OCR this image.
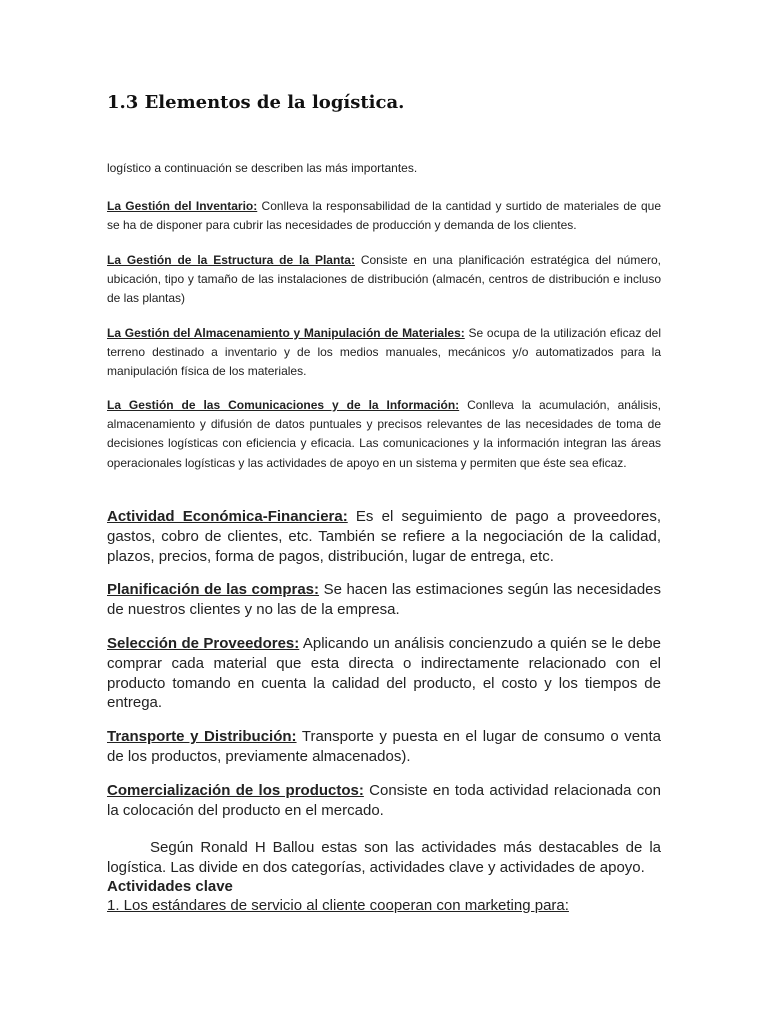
1.3 Elementos de la logística.

logístico a continuación se describen las más importantes.

La Gestión del Inventario: Conlleva la responsabilidad de la cantidad y surtido de materiales de que se ha de disponer para cubrir las necesidades de producción y demanda de los clientes.

La Gestión de la Estructura de la Planta: Consiste en una planificación estratégica del número, ubicación, tipo y tamaño de las instalaciones de distribución (almacén, centros de distribución e incluso de las plantas)

La Gestión del Almacenamiento y Manipulación de Materiales: Se ocupa de la utilización eficaz del terreno destinado a inventario y de los medios manuales, mecánicos y/o automatizados para la manipulación física de los materiales.

La Gestión de las Comunicaciones y de la Información: Conlleva la acumulación, análisis, almacenamiento y difusión de datos puntuales y precisos relevantes de las necesidades de toma de decisiones logísticas con eficiencia y eficacia. Las comunicaciones y la información integran las áreas operacionales logísticas y las actividades de apoyo en un sistema y permiten que éste sea eficaz.

Actividad Económica-Financiera: Es el seguimiento de pago a proveedores, gastos, cobro de clientes, etc. También se refiere a la negociación de la calidad, plazos, precios, forma de pagos, distribución, lugar de entrega, etc.

Planificación de las compras: Se hacen las estimaciones según las necesidades de nuestros clientes y no las de la empresa.

Selección de Proveedores: Aplicando un análisis concienzudo a quién se le debe comprar cada material que esta directa o indirectamente relacionado con el producto tomando en cuenta la calidad del producto, el costo y los tiempos de entrega.

Transporte y Distribución: Transporte y puesta en el lugar de consumo o venta de los productos, previamente almacenados).

Comercialización de los productos: Consiste en toda actividad relacionada con la colocación del producto en el mercado.

Según Ronald H Ballou estas son las actividades más destacables de la logística. Las divide en dos categorías, actividades clave y actividades de apoyo.

Actividades clave

1. Los estándares de servicio al cliente cooperan con marketing para:
